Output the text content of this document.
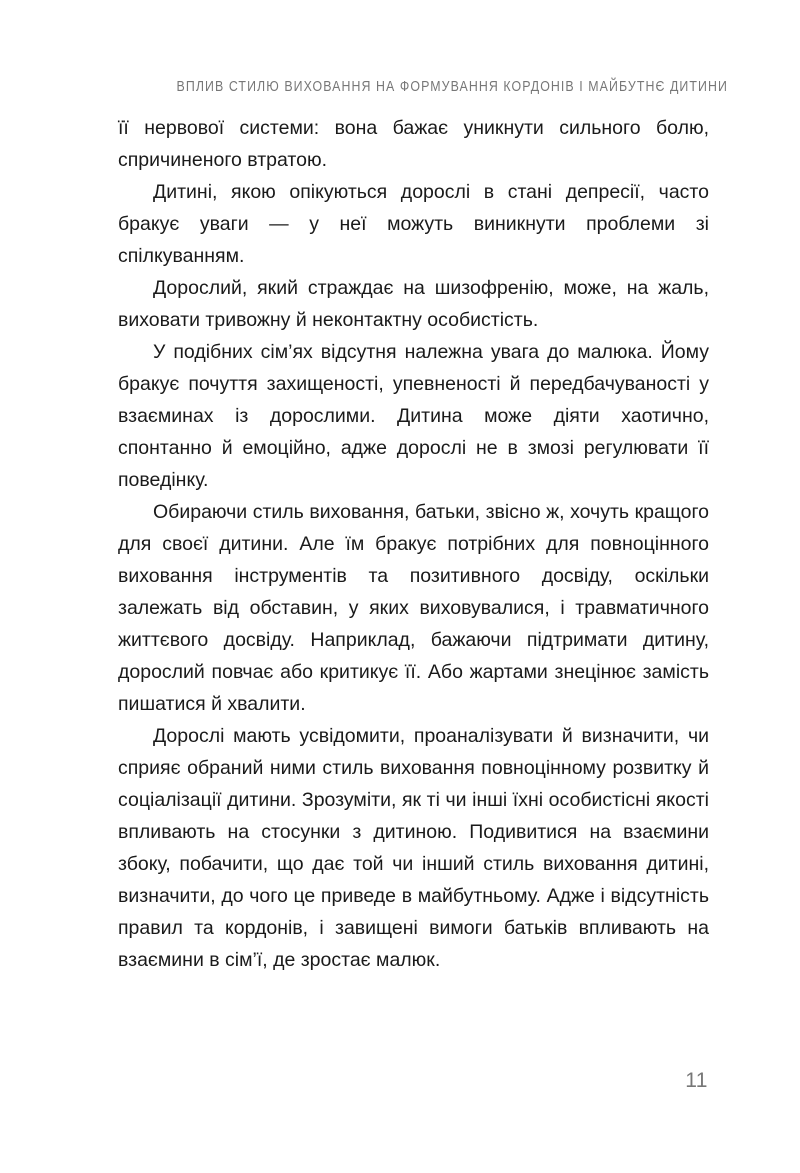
ВПЛИВ СТИЛЮ ВИХОВАННЯ НА ФОРМУВАННЯ КОРДОНІВ І МАЙБУТНЄ ДИТИНИ

її нервової системи: вона бажає уникнути сильного болю, спричиненого втратою.

Дитині, якою опікуються дорослі в стані депресії, часто бракує уваги — у неї можуть виникнути проблеми зі спілкуванням.

Дорослий, який страждає на шизофренію, може, на жаль, виховати тривожну й неконтактну особистість.

У подібних сім’ях відсутня належна увага до малюка. Йому бракує почуття захищеності, упевненості й передбачуваності у взаєминах із дорослими. Дитина може діяти хаотично, спонтанно й емоційно, адже дорослі не в змозі регулювати її поведінку.

Обираючи стиль виховання, батьки, звісно ж, хочуть кращого для своєї дитини. Але їм бракує потрібних для повноцінного виховання інструментів та позитивного досвіду, оскільки залежать від обставин, у яких виховувалися, і травматичного життєвого досвіду. Наприклад, бажаючи підтримати дитину, дорослий повчає або критикує її. Або жартами знецінює замість пишатися й хвалити.

Дорослі мають усвідомити, проаналізувати й визначити, чи сприяє обраний ними стиль виховання повноцінному розвитку й соціалізації дитини. Зрозуміти, як ті чи інші їхні особистісні якості впливають на стосунки з дитиною. Подивитися на взаємини збоку, побачити, що дає той чи інший стиль виховання дитині, визначити, до чого це приведе в майбутньому. Адже і відсутність правил та кордонів, і завищені вимоги батьків впливають на взаємини в сім’ї, де зростає малюк.

11
